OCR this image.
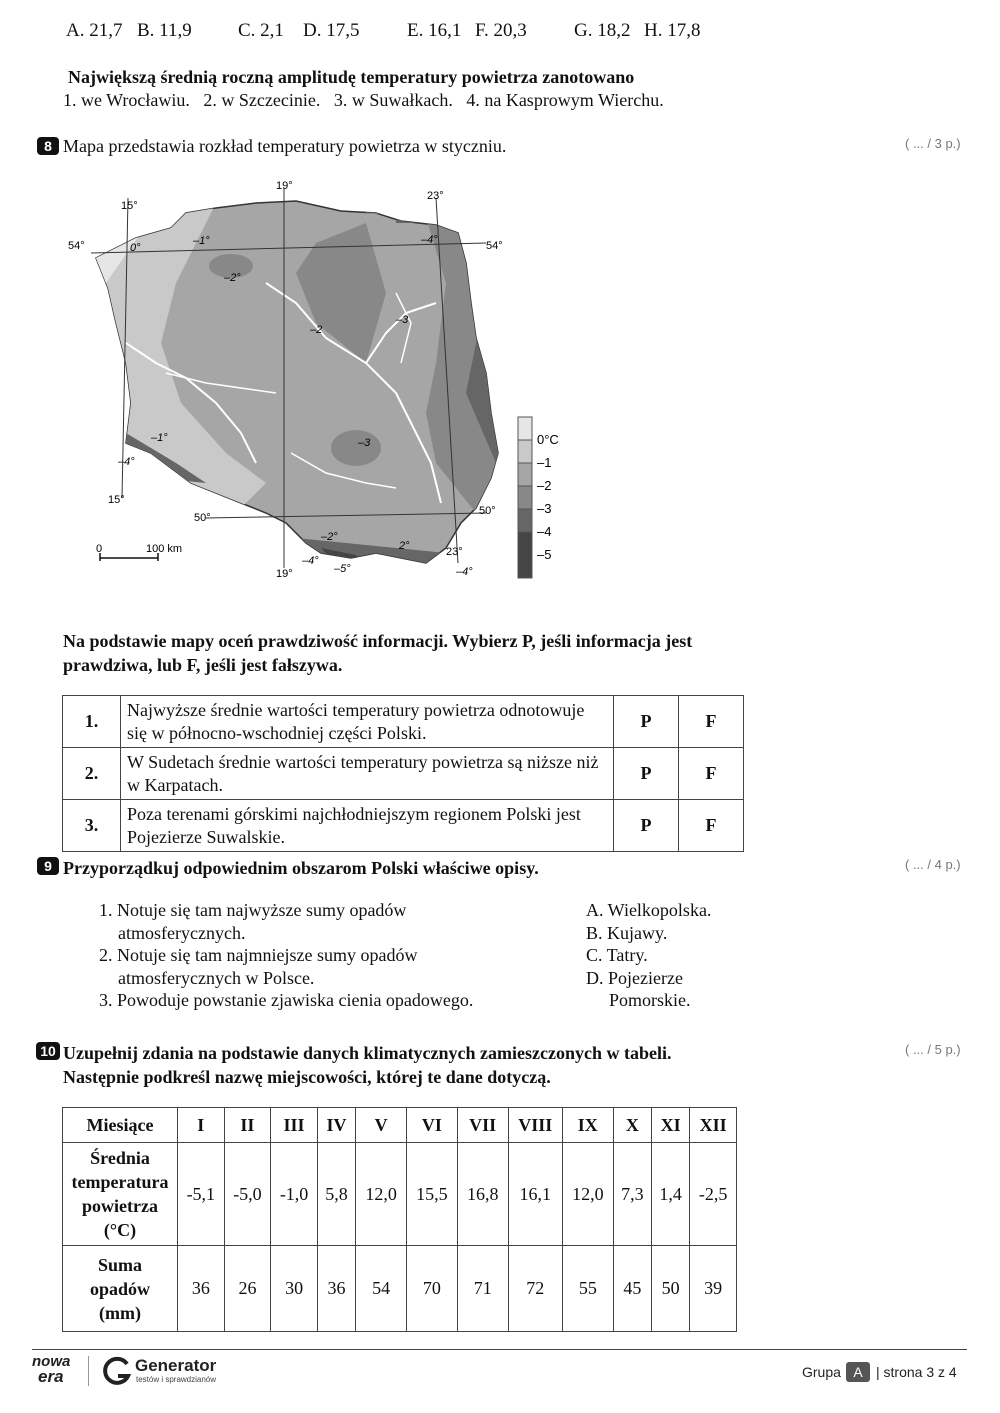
A. 21,7 B. 11,9 C. 2,1 D. 17,5	E. 16,1 F. 20,3 G. 18,2 H. 17,8
Największą średnią roczną amplitudę temperatury powietrza zanotowano
1. we Wrocławiu.   2. w Szczecinie.   3. w Suwałkach.   4. na Kasprowym Wierchu.
8 Mapa przedstawia rozkład temperatury powietrza w styczniu.	( ... / 3 p.)
15°
19°
23°
15°
19°
23°
54°	54°
50°
50°
0°
–1°
–2°
–2
–3
–3
–4°
–1°
–4°
–2°
–4°
–5°
2°
–4°
0	100 km
0°C
–1
–2
–3
–4
–5
Na podstawie mapy oceń prawdziwość informacji. Wybierz P, jeśli informacja jest prawdziwa, lub F, jeśli jest fałszywa.
1.	Najwyższe średnie wartości temperatury powietrza odnotowuje się w północno-wschodniej części Polski.	P	F
2.	W Sudetach średnie wartości temperatury powietrza są niższe niż w Karpatach.	P	F
3.	Poza terenami górskimi najchłodniejszym regionem Polski jest Pojezierze Suwalskie.	P	F
9 Przyporządkuj odpowiednim obszarom Polski właściwe opisy.	( ... / 4 p.)
1. Notuje się tam najwyższe sumy opadów
atmosferycznych.
2. Notuje się tam najmniejsze sumy opadów
atmosferycznych w Polsce.
3. Powoduje powstanie zjawiska cienia opadowego.
A. Wielkopolska.
B. Kujawy.
C. Tatry.
D. Pojezierze
Pomorskie.
10 Uzupełnij zdania na podstawie danych klimatycznych zamieszczonych w tabeli.
Następnie podkreśl nazwę miejscowości, której te dane dotyczą.
( ... / 5 p.)
Miesiące	I	II	III	IV	V	VI	VII	VIII	IX	X	XI	XII

Średnia
temperatura
powietrza
(°C)	-5,1	-5,0	-1,0	5,8	12,0	15,5	16,8	16,1	12,0	7,3	1,4	-2,5

Suma
opadów
(mm)	36	26	30	36	54	70	71	72	55	45	50	39
nowa
era
Generator
testów i sprawdzianów	Grupa A | strona 3 z 4
